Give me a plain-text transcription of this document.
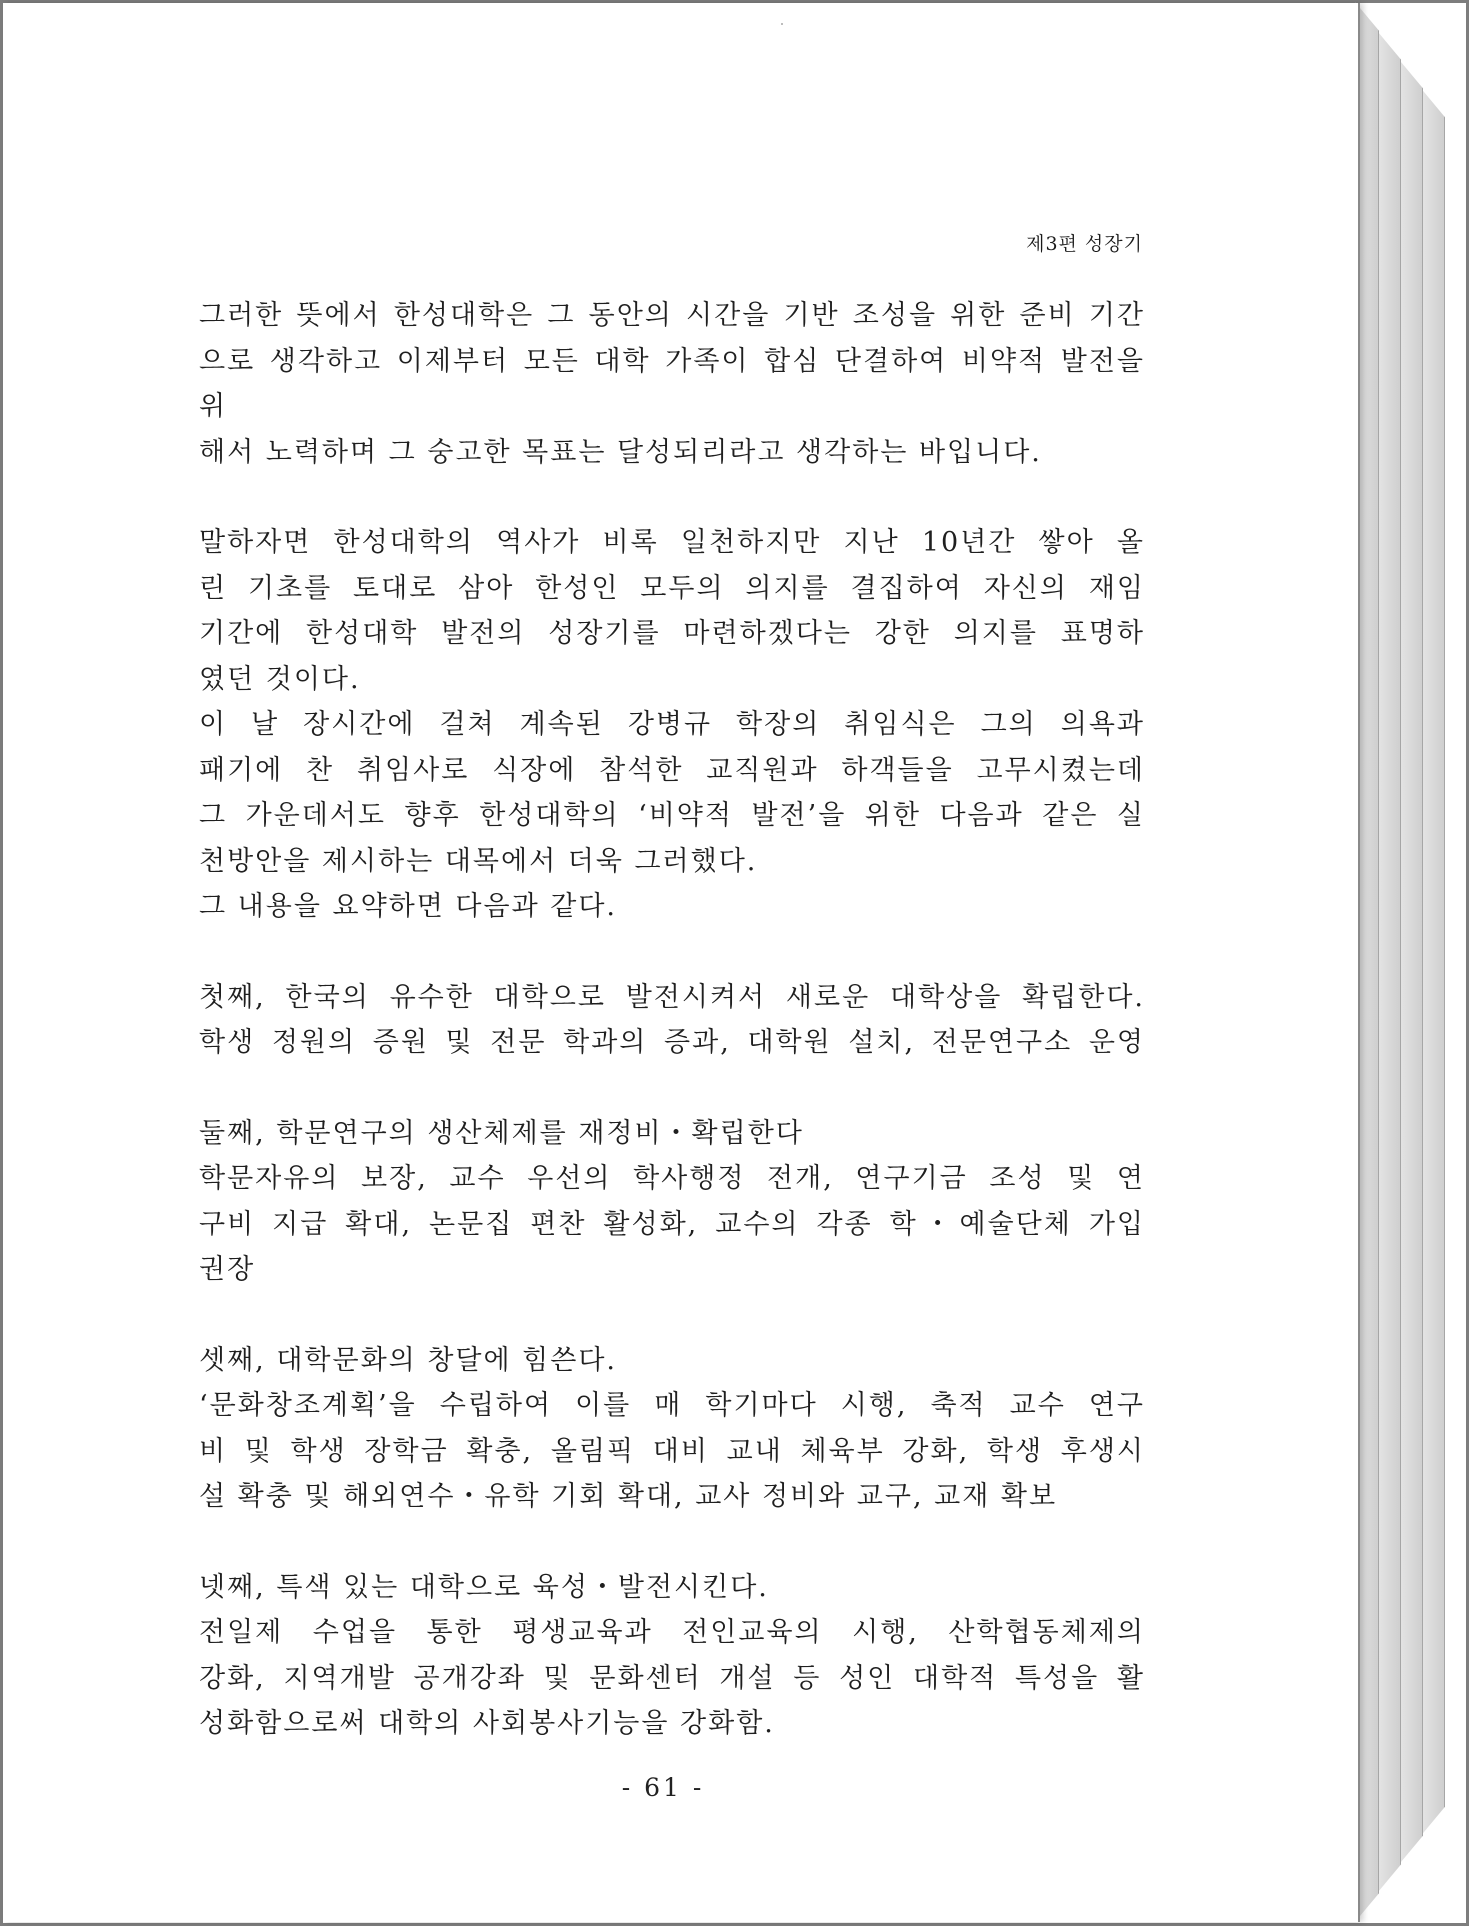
제3편 성장기

그러한 뜻에서 한성대학은 그 동안의 시간을 기반 조성을 위한 준비 기간

으로 생각하고 이제부터 모든 대학 가족이 합심 단결하여 비약적 발전을 위

해서 노력하며 그 숭고한 목표는 달성되리라고 생각하는 바입니다.

말하자면 한성대학의 역사가 비록 일천하지만 지난 10년간 쌓아 올

린 기초를 토대로 삼아 한성인 모두의 의지를 결집하여 자신의 재임

기간에 한성대학 발전의 성장기를 마련하겠다는 강한 의지를 표명하

였던 것이다.

이 날 장시간에 걸쳐 계속된 강병규 학장의 취임식은 그의 의욕과

패기에 찬 취임사로 식장에 참석한 교직원과 하객들을 고무시켰는데

그 가운데서도 향후 한성대학의 ‘비약적 발전’을 위한 다음과 같은 실

천방안을 제시하는 대목에서 더욱 그러했다.

그 내용을 요약하면 다음과 같다.

첫째, 한국의 유수한 대학으로 발전시켜서 새로운 대학상을 확립한다.

학생 정원의 증원 및 전문 학과의 증과, 대학원 설치, 전문연구소 운영

둘째, 학문연구의 생산체제를 재정비・확립한다

학문자유의 보장, 교수 우선의 학사행정 전개, 연구기금 조성 및 연

구비 지급 확대, 논문집 편찬 활성화, 교수의 각종 학・예술단체 가입

권장

셋째, 대학문화의 창달에 힘쓴다.

‘문화창조계획’을 수립하여 이를 매 학기마다 시행, 축적 교수 연구

비 및 학생 장학금 확충, 올림픽 대비 교내 체육부 강화, 학생 후생시

설 확충 및 해외연수・유학 기회 확대, 교사 정비와 교구, 교재 확보

넷째, 특색 있는 대학으로 육성・발전시킨다.

전일제 수업을 통한 평생교육과 전인교육의 시행, 산학협동체제의

강화, 지역개발 공개강좌 및 문화센터 개설 등 성인 대학적 특성을 활

성화함으로써 대학의 사회봉사기능을 강화함.

- 61 -
